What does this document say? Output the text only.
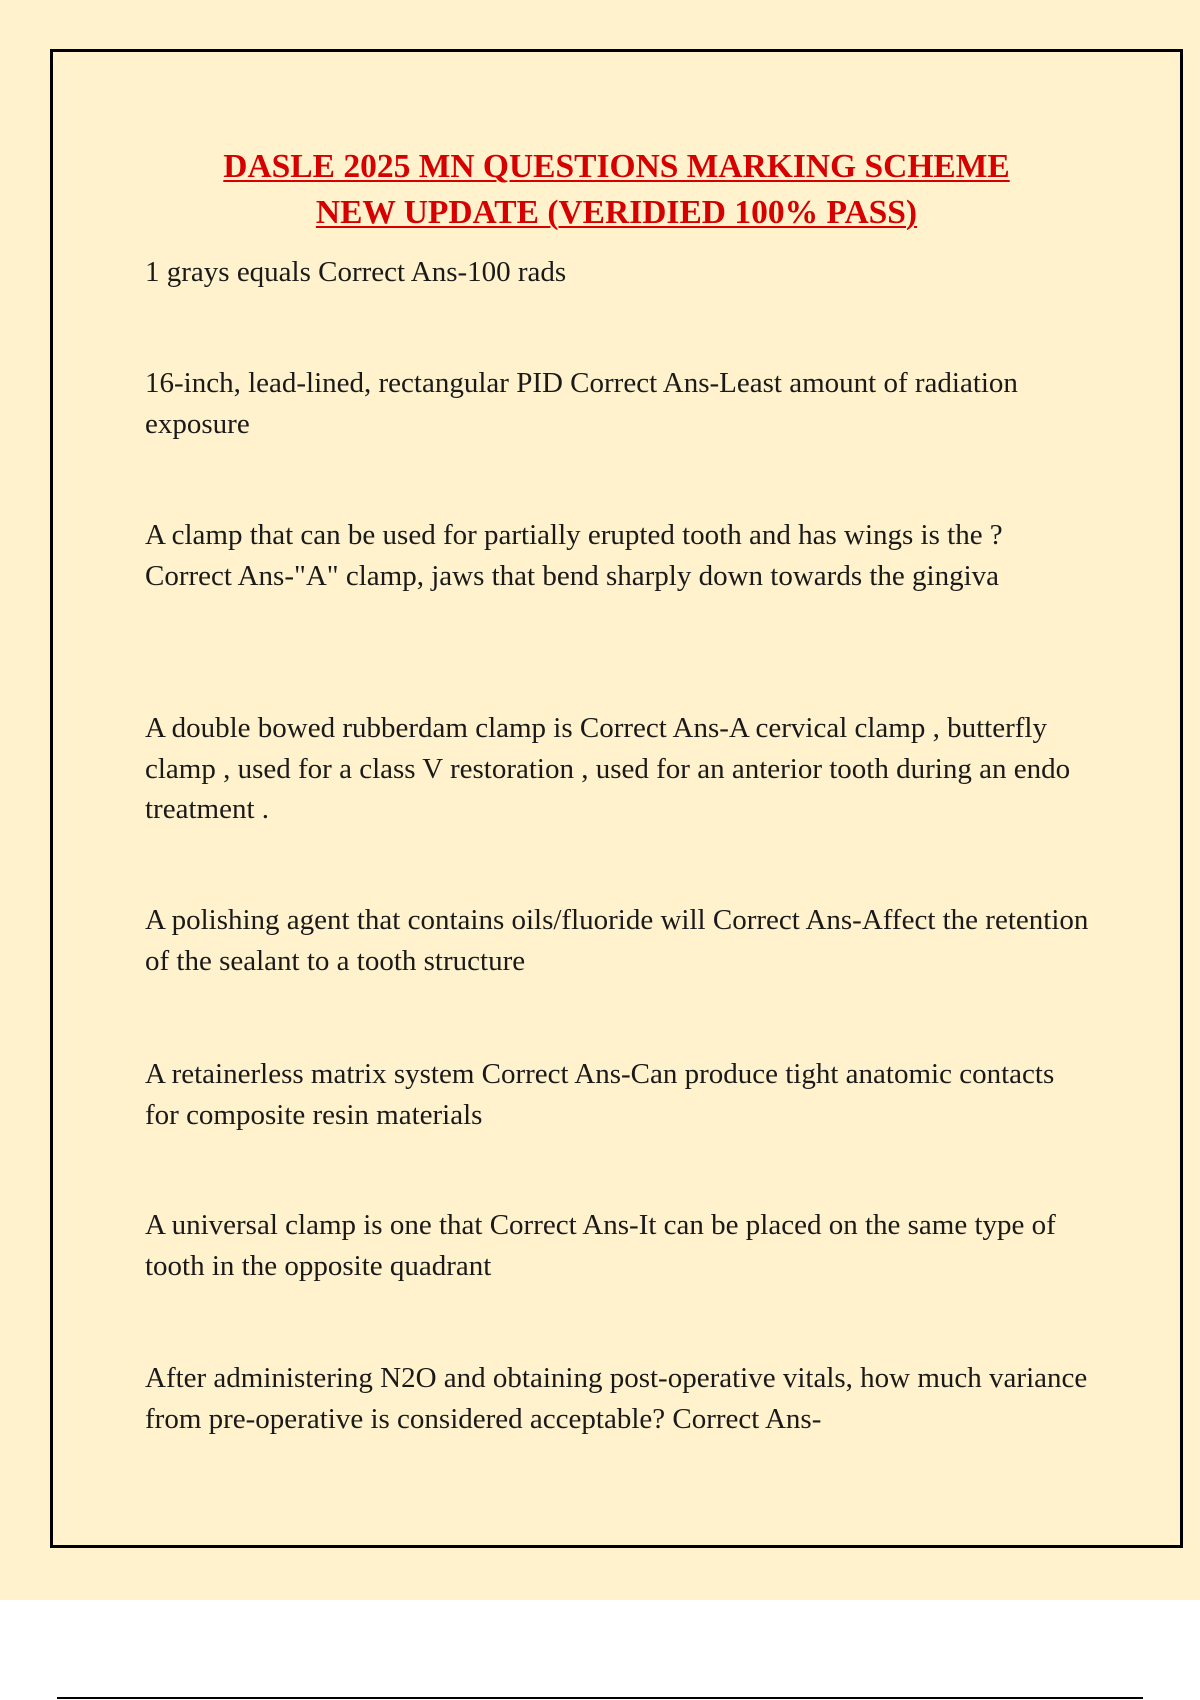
DASLE 2025 MN QUESTIONS MARKING SCHEME
NEW UPDATE (VERIDIED 100% PASS)

1 grays equals Correct Ans-100 rads

16-inch, lead-lined, rectangular PID Correct Ans-Least amount of radiation exposure

A clamp that can be used for partially erupted tooth and has wings is the ? Correct Ans-"A" clamp, jaws that bend sharply down towards the gingiva

A double bowed rubberdam clamp is Correct Ans-A cervical clamp , butterfly clamp , used for a class V restoration , used for an anterior tooth during an endo treatment .

A polishing agent that contains oils/fluoride will Correct Ans-Affect the retention of the sealant to a tooth structure

A retainerless matrix system Correct Ans-Can produce tight anatomic contacts for composite resin materials

A universal clamp is one that Correct Ans-It can be placed on the same type of tooth in the opposite quadrant

After administering N2O and obtaining post-operative vitals, how much variance from pre-operative is considered acceptable? Correct Ans-
